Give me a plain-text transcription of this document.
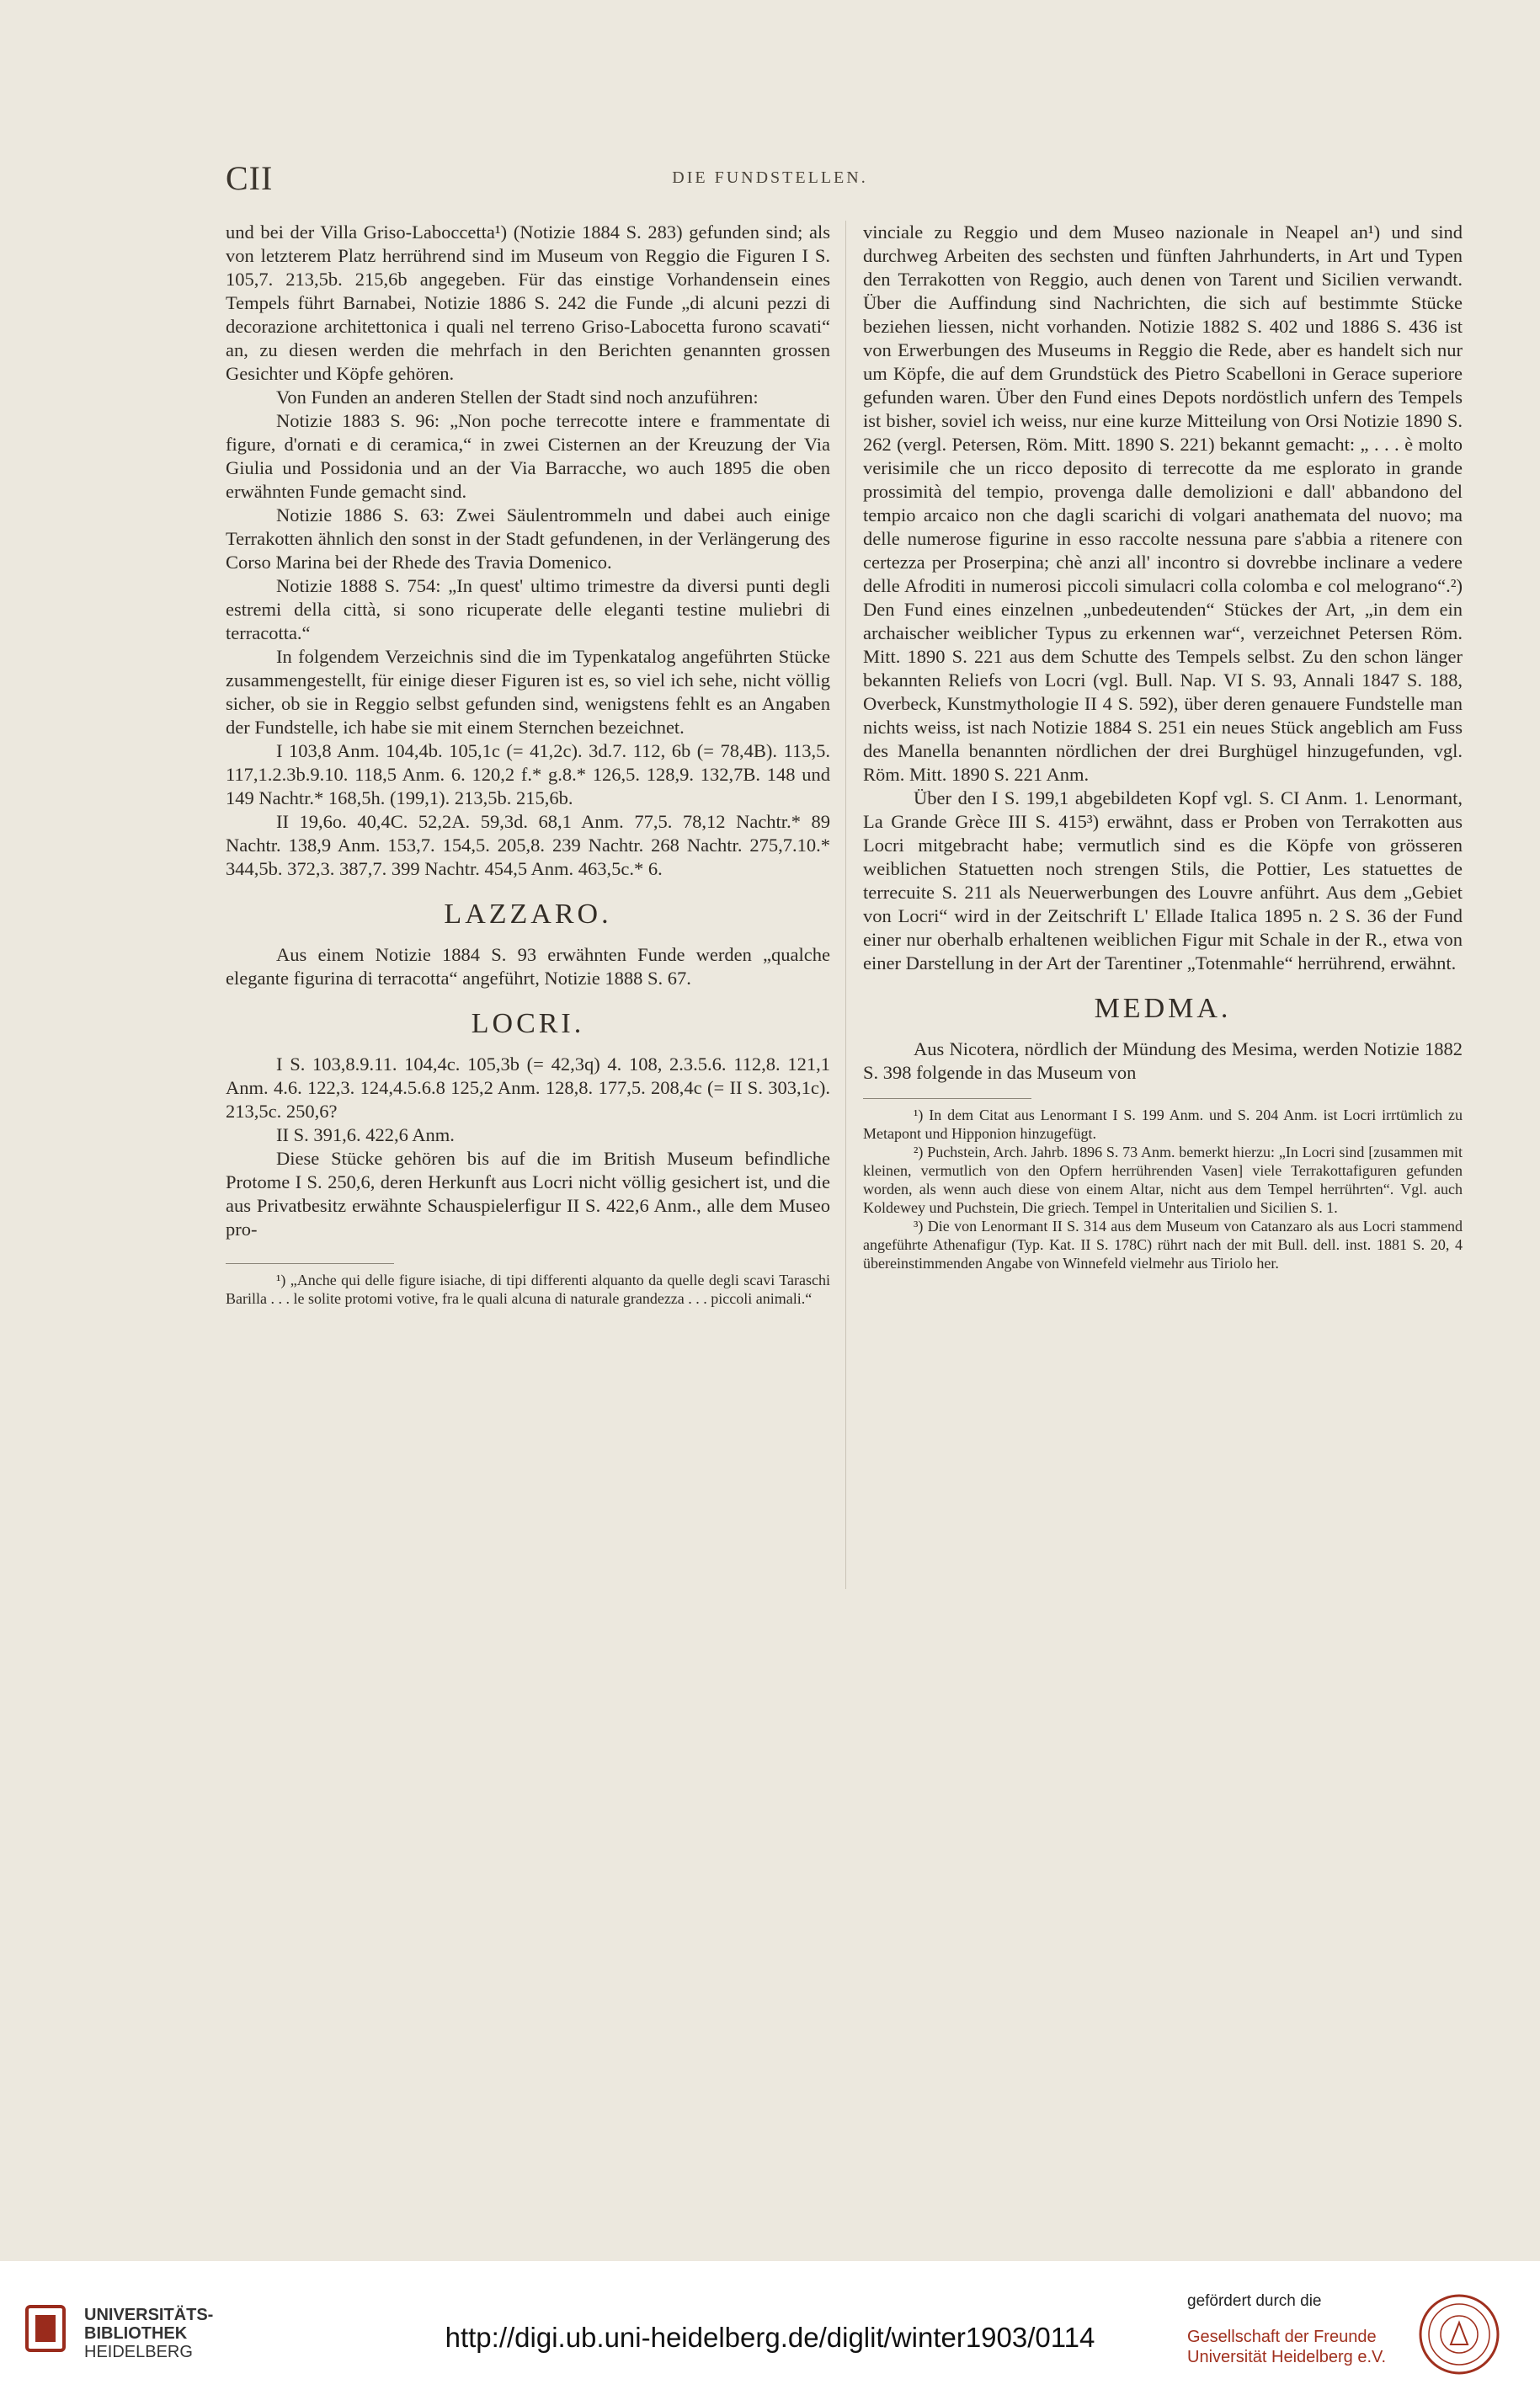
CII	DIE FUNDSTELLEN.

und bei der Villa Griso-Laboccetta¹) (Notizie 1884 S. 283) gefunden sind; als von letzterem Platz herrührend sind im Museum von Reggio die Figuren I S. 105,7. 213,5b. 215,6b angegeben. Für das einstige Vorhandensein eines Tempels führt Barnabei, Notizie 1886 S. 242 die Funde „di alcuni pezzi di decorazione architettonica i quali nel terreno Griso-Labocetta furono scavati“ an, zu diesen werden die mehrfach in den Berichten genannten grossen Gesichter und Köpfe gehören.

Von Funden an anderen Stellen der Stadt sind noch anzuführen:

Notizie 1883 S. 96: „Non poche terrecotte intere e frammentate di figure, d'ornati e di ceramica,“ in zwei Cisternen an der Kreuzung der Via Giulia und Possidonia und an der Via Barracche, wo auch 1895 die oben erwähnten Funde gemacht sind.

Notizie 1886 S. 63: Zwei Säulentrommeln und dabei auch einige Terrakotten ähnlich den sonst in der Stadt gefundenen, in der Verlängerung des Corso Marina bei der Rhede des Travia Domenico.

Notizie 1888 S. 754: „In quest' ultimo trimestre da diversi punti degli estremi della città, si sono ricuperate delle eleganti testine muliebri di terracotta.“

In folgendem Verzeichnis sind die im Typenkatalog angeführten Stücke zusammengestellt, für einige dieser Figuren ist es, so viel ich sehe, nicht völlig sicher, ob sie in Reggio selbst gefunden sind, wenigstens fehlt es an Angaben der Fundstelle, ich habe sie mit einem Sternchen bezeichnet.

I 103,8 Anm. 104,4b. 105,1c (= 41,2c). 3d.7. 112, 6b (= 78,4B). 113,5. 117,1.2.3b.9.10. 118,5 Anm. 6. 120,2 f.* g.8.* 126,5. 128,9. 132,7B. 148 und 149 Nachtr.* 168,5h. (199,1). 213,5b. 215,6b.

II 19,6o. 40,4C. 52,2A. 59,3d. 68,1 Anm. 77,5. 78,12 Nachtr.* 89 Nachtr. 138,9 Anm. 153,7. 154,5. 205,8. 239 Nachtr. 268 Nachtr. 275,7.10.* 344,5b. 372,3. 387,7. 399 Nachtr. 454,5 Anm. 463,5c.* 6.

LAZZARO.

Aus einem Notizie 1884 S. 93 erwähnten Funde werden „qualche elegante figurina di terracotta“ angeführt, Notizie 1888 S. 67.

LOCRI.

I S. 103,8.9.11. 104,4c. 105,3b (= 42,3q) 4. 108, 2.3.5.6. 112,8. 121,1 Anm. 4.6. 122,3. 124,4.5.6.8 125,2 Anm. 128,8. 177,5. 208,4c (= II S. 303,1c). 213,5c. 250,6?

II S. 391,6. 422,6 Anm.

Diese Stücke gehören bis auf die im British Museum befindliche Protome I S. 250,6, deren Herkunft aus Locri nicht völlig gesichert ist, und die aus Privatbesitz erwähnte Schauspielerfigur II S. 422,6 Anm., alle dem Museo pro-

¹) „Anche qui delle figure isiache, di tipi differenti alquanto da quelle degli scavi Taraschi Barilla . . . le solite protomi votive, fra le quali alcuna di naturale grandezza . . . piccoli animali.“

vinciale zu Reggio und dem Museo nazionale in Neapel an¹) und sind durchweg Arbeiten des sechsten und fünften Jahrhunderts, in Art und Typen den Terrakotten von Reggio, auch denen von Tarent und Sicilien verwandt. Über die Auffindung sind Nachrichten, die sich auf bestimmte Stücke beziehen liessen, nicht vorhanden. Notizie 1882 S. 402 und 1886 S. 436 ist von Erwerbungen des Museums in Reggio die Rede, aber es handelt sich nur um Köpfe, die auf dem Grundstück des Pietro Scabelloni in Gerace superiore gefunden waren. Über den Fund eines Depots nordöstlich unfern des Tempels ist bisher, soviel ich weiss, nur eine kurze Mitteilung von Orsi Notizie 1890 S. 262 (vergl. Petersen, Röm. Mitt. 1890 S. 221) bekannt gemacht: „ . . . è molto verisimile che un ricco deposito di terrecotte da me esplorato in grande prossimità del tempio, provenga dalle demolizioni e dall' abbandono del tempio arcaico non che dagli scarichi di volgari anathemata del nuovo; ma delle numerose figurine in esso raccolte nessuna pare s'abbia a ritenere con certezza per Proserpina; chè anzi all' incontro si dovrebbe inclinare a vedere delle Afroditi in numerosi piccoli simulacri colla colomba e col melograno“.²) Den Fund eines einzelnen „unbedeutenden“ Stückes der Art, „in dem ein archaischer weiblicher Typus zu erkennen war“, verzeichnet Petersen Röm. Mitt. 1890 S. 221 aus dem Schutte des Tempels selbst. Zu den schon länger bekannten Reliefs von Locri (vgl. Bull. Nap. VI S. 93, Annali 1847 S. 188, Overbeck, Kunstmythologie II 4 S. 592), über deren genauere Fundstelle man nichts weiss, ist nach Notizie 1884 S. 251 ein neues Stück angeblich am Fuss des Manella benannten nördlichen der drei Burghügel hinzugefunden, vgl. Röm. Mitt. 1890 S. 221 Anm.

Über den I S. 199,1 abgebildeten Kopf vgl. S. CI Anm. 1. Lenormant, La Grande Grèce III S. 415³) erwähnt, dass er Proben von Terrakotten aus Locri mitgebracht habe; vermutlich sind es die Köpfe von grösseren weiblichen Statuetten noch strengen Stils, die Pottier, Les statuettes de terrecuite S. 211 als Neuerwerbungen des Louvre anführt. Aus dem „Gebiet von Locri“ wird in der Zeitschrift L' Ellade Italica 1895 n. 2 S. 36 der Fund einer nur oberhalb erhaltenen weiblichen Figur mit Schale in der R., etwa von einer Darstellung in der Art der Tarentiner „Totenmahle“ herrührend, erwähnt.

MEDMA.

Aus Nicotera, nördlich der Mündung des Mesima, werden Notizie 1882 S. 398 folgende in das Museum von

¹) In dem Citat aus Lenormant I S. 199 Anm. und S. 204 Anm. ist Locri irrtümlich zu Metapont und Hipponion hinzugefügt.

²) Puchstein, Arch. Jahrb. 1896 S. 73 Anm. bemerkt hierzu: „In Locri sind [zusammen mit kleinen, vermutlich von den Opfern herrührenden Vasen] viele Terrakottafiguren gefunden worden, als wenn auch diese von einem Altar, nicht aus dem Tempel herrührten“. Vgl. auch Koldewey und Puchstein, Die griech. Tempel in Unteritalien und Sicilien S. 1.

³) Die von Lenormant II S. 314 aus dem Museum von Catanzaro als aus Locri stammend angeführte Athenafigur (Typ. Kat. II S. 178C) rührt nach der mit Bull. dell. inst. 1881 S. 20, 4 übereinstimmenden Angabe von Winnefeld vielmehr aus Tiriolo her.

UNIVERSITÄTS-
BIBLIOTHEK
HEIDELBERG	http://digi.ub.uni-heidelberg.de/diglit/winter1903/0114
gefördert durch die
Gesellschaft der Freunde
Universität Heidelberg e.V.
